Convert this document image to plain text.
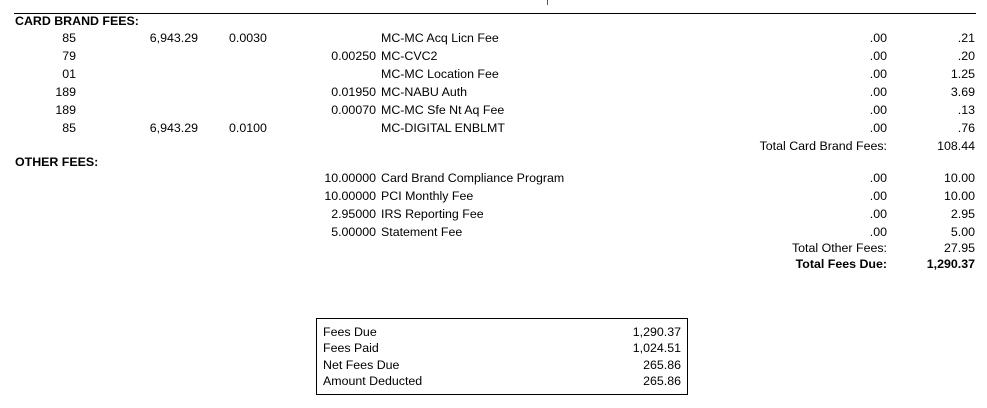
CARD BRAND FEES:
85	6,943.29	0.0030	MC-MC Acq Licn Fee	.00	.21
79	0.00250 MC-CVC2	.00	.20
01	MC-MC Location Fee	.00	1.25
189	0.01950 MC-NABU Auth	.00	3.69
189	0.00070 MC-MC Sfe Nt Aq Fee	.00	.13
85	6,943.29	0.0100	MC-DIGITAL ENBLMT	.00	.76
Total Card Brand Fees:	108.44
OTHER FEES:
10.00000 Card Brand Compliance Program	.00	10.00
10.00000 PCI Monthly Fee	.00	10.00
2.95000 IRS Reporting Fee	.00	2.95
5.00000 Statement Fee	.00	5.00
Total Other Fees:	27.95
Total Fees Due:	1,290.37
Fees Due	1,290.37
Fees Paid	1,024.51
Net Fees Due	265.86
Amount Deducted	265.86
